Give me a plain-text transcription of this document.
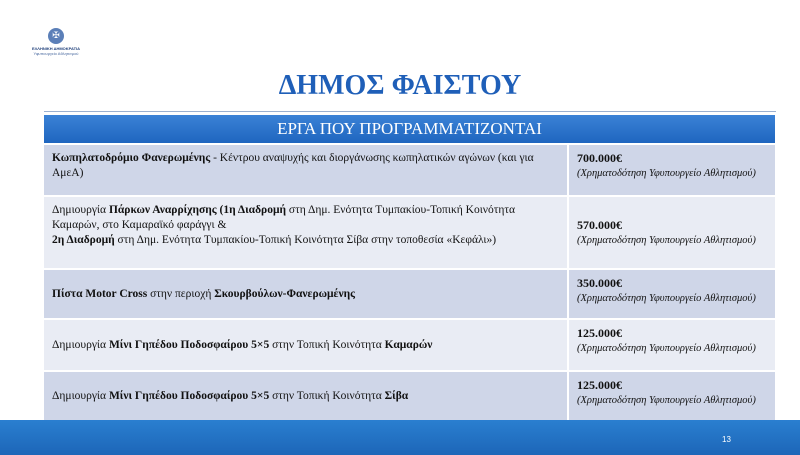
✠
ΕΛΛΗΝΙΚΗ ΔΗΜΟΚΡΑΤΙΑ
Υφυπουργείο Αθλητισμού
ΔΗΜΟΣ ΦΑΙΣΤΟΥ
ΕΡΓΑ ΠΟΥ ΠΡΟΓΡΑΜΜΑΤΙΖΟΝΤΑΙ	
Κωπηλατοδρόμιο Φανερωμένης - Κέντρου αναψυχής και διοργάνωσης κωπηλατικών αγώνων (και για ΑμεΑ)	700.000€
(Χρηματοδότηση Υφυπουργείο Αθλητισμού)

Δημιουργία Πάρκων Αναρρίχησης (1η Διαδρομή στη Δημ. Ενότητα Τυμπακίου-Τοπική Κοινότητα Καμαρών, στο Καμαραϊκό φαράγγι &
2η Διαδρομή στη Δημ. Ενότητα Τυμπακίου-Τοπική Κοινότητα Σίβα στην τοποθεσία «Κεφάλι»)	570.000€
(Χρηματοδότηση Υφυπουργείο Αθλητισμού)

Πίστα Motor Cross στην περιοχή Σκουρβούλων-Φανερωμένης	350.000€
(Χρηματοδότηση Υφυπουργείο Αθλητισμού)

Δημιουργία Μίνι Γηπέδου Ποδοσφαίρου 5×5 στην Τοπική Κοινότητα Καμαρών	125.000€
(Χρηματοδότηση Υφυπουργείο Αθλητισμού)

Δημιουργία Μίνι Γηπέδου Ποδοσφαίρου 5×5 στην Τοπική Κοινότητα Σίβα	125.000€
(Χρηματοδότηση Υφυπουργείο Αθλητισμού)
13
